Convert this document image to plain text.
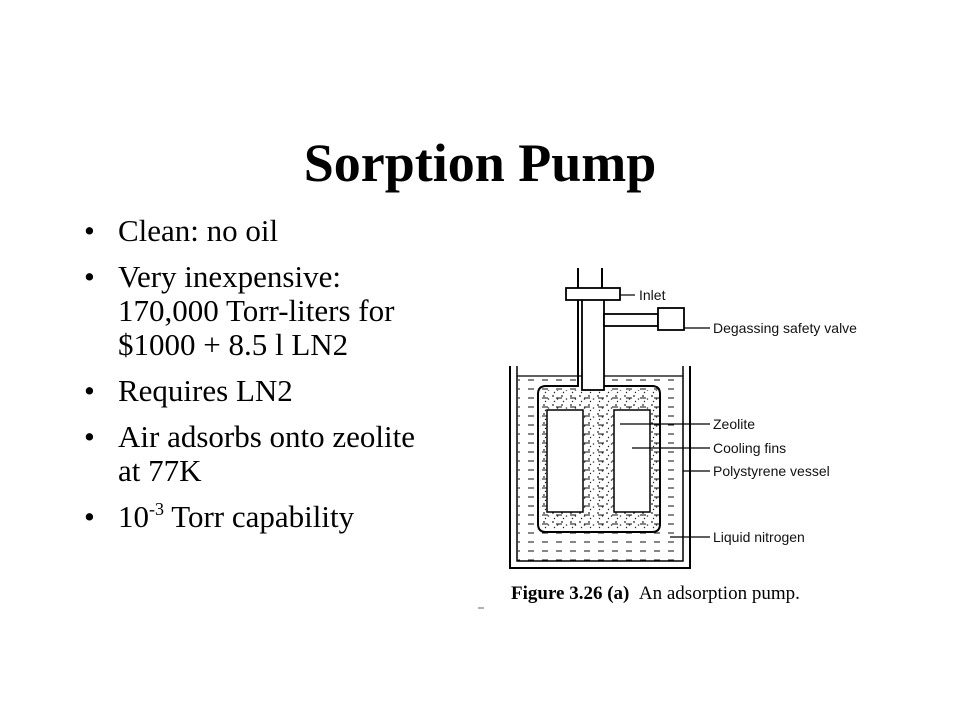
Sorption Pump
• Clean: no oil
• Very inexpensive: 170,000 Torr-liters for $1000 + 8.5 l LN2
• Requires LN2
• Air adsorbs onto zeolite at 77K
• $10^{-3}$ Torr capability
Inlet
Degassing safety valve
Zeolite
Cooling fins
Polystyrene vessel
Liquid nitrogen
Figure 3.26 (a) An adsorption pump.
